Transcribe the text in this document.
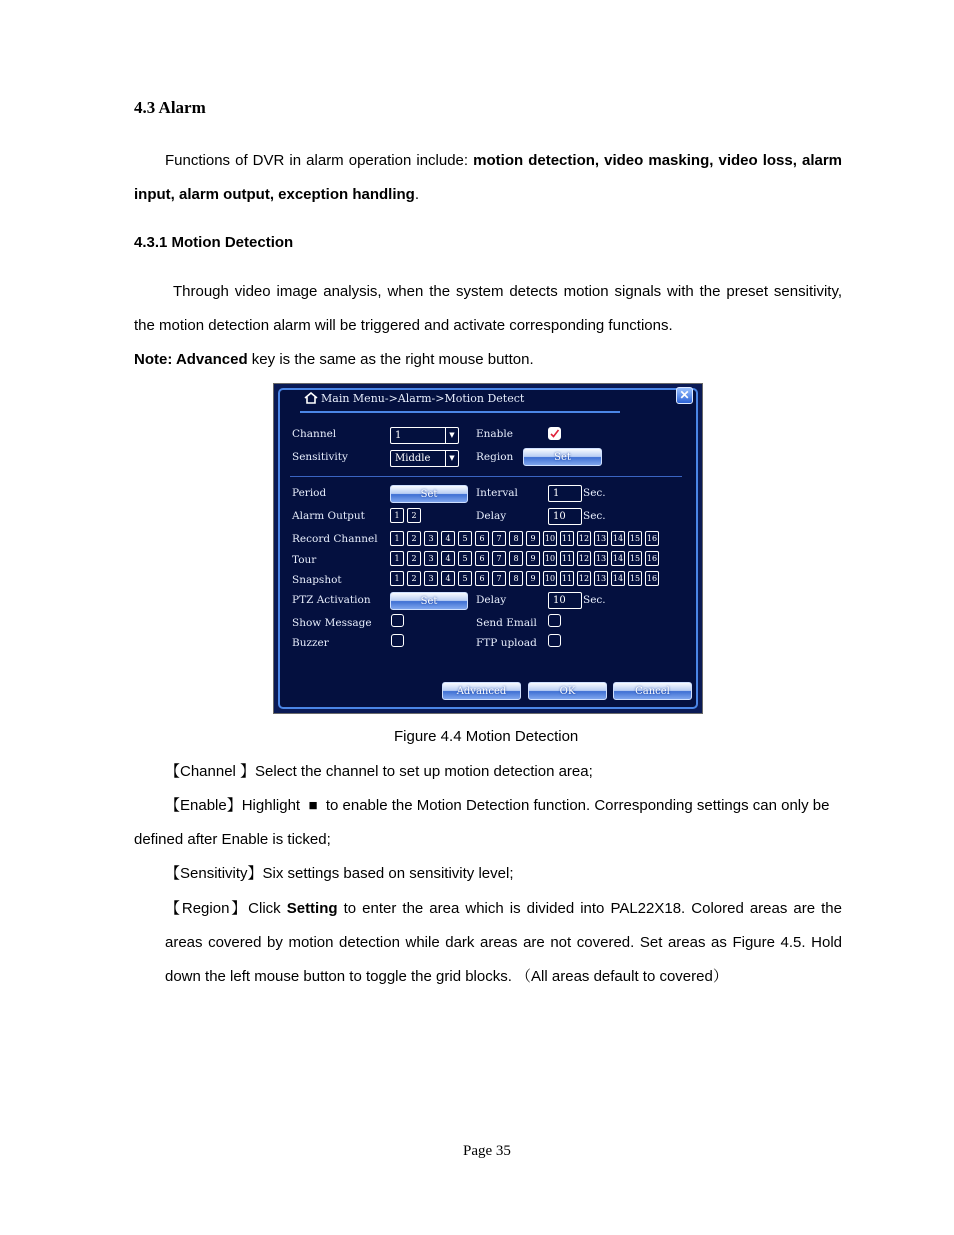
4.3 Alarm
Functions of DVR in alarm operation include: motion detection, video masking, video loss, alarm
input, alarm output, exception handling.
4.3.1 Motion Detection
Through video image analysis, when the system detects motion signals with the preset sensitivity,
the motion detection alarm will be triggered and activate corresponding functions.
Note: Advanced key is the same as the right mouse button.
Main Menu->Alarm->Motion Detect	✕
Channel	1	▼	Enable
Sensitivity	Middle	▼	Region	Set
Period	Set	Interval	1	Sec.
Alarm Output	1	2	Delay	10	Sec.
Record Channel	1	2	3	4	5	6	7	8	9	10 11 12 13 14 15 16
Tour	1	2	3	4	5	6	7	8	9	10 11 12 13 14 15 16
Snapshot	1	2	3	4	5	6	7	8	9	10 11 12 13 14 15 16
PTZ Activation	Set	Delay	10	Sec.
Show Message	Send Email
Buzzer	FTP upload
Advanced	OK	Cancel
Figure 4.4 Motion Detection
【Channel 】Select the channel to set up motion detection area;
【Enable】Highlight ■ to enable the Motion Detection function. Corresponding settings can only be
defined after Enable is ticked;
【Sensitivity】Six settings based on sensitivity level;
【Region】Click Setting to enter the area which is divided into PAL22X18. Colored areas are the
areas covered by motion detection while dark areas are not covered. Set areas as Figure 4.5. Hold
down the left mouse button to toggle the grid blocks. （All areas default to covered）
Page 35
